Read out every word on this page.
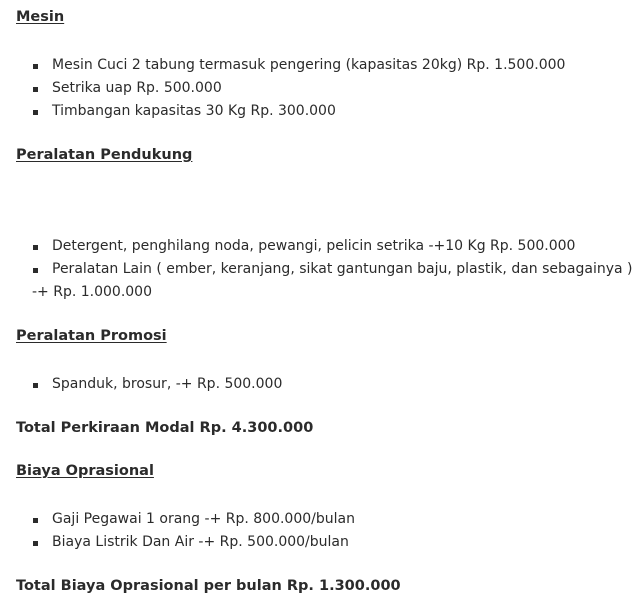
Mesin

Mesin Cuci 2 tabung termasuk pengering (kapasitas 20kg) Rp. 1.500.000
Setrika uap Rp. 500.000
Timbangan kapasitas 30 Kg Rp. 300.000

Peralatan Pendukung

Detergent, penghilang noda, pewangi, pelicin setrika -+10 Kg Rp. 500.000
Peralatan Lain ( ember, keranjang, sikat gantungan baju, plastik, dan sebagainya )
-+ Rp. 1.000.000

Peralatan Promosi

Spanduk, brosur, -+ Rp. 500.000

Total Perkiraan Modal Rp. 4.300.000

Biaya Oprasional

Gaji Pegawai 1 orang -+ Rp. 800.000/bulan
Biaya Listrik Dan Air -+ Rp. 500.000/bulan

Total Biaya Oprasional per bulan Rp. 1.300.000
